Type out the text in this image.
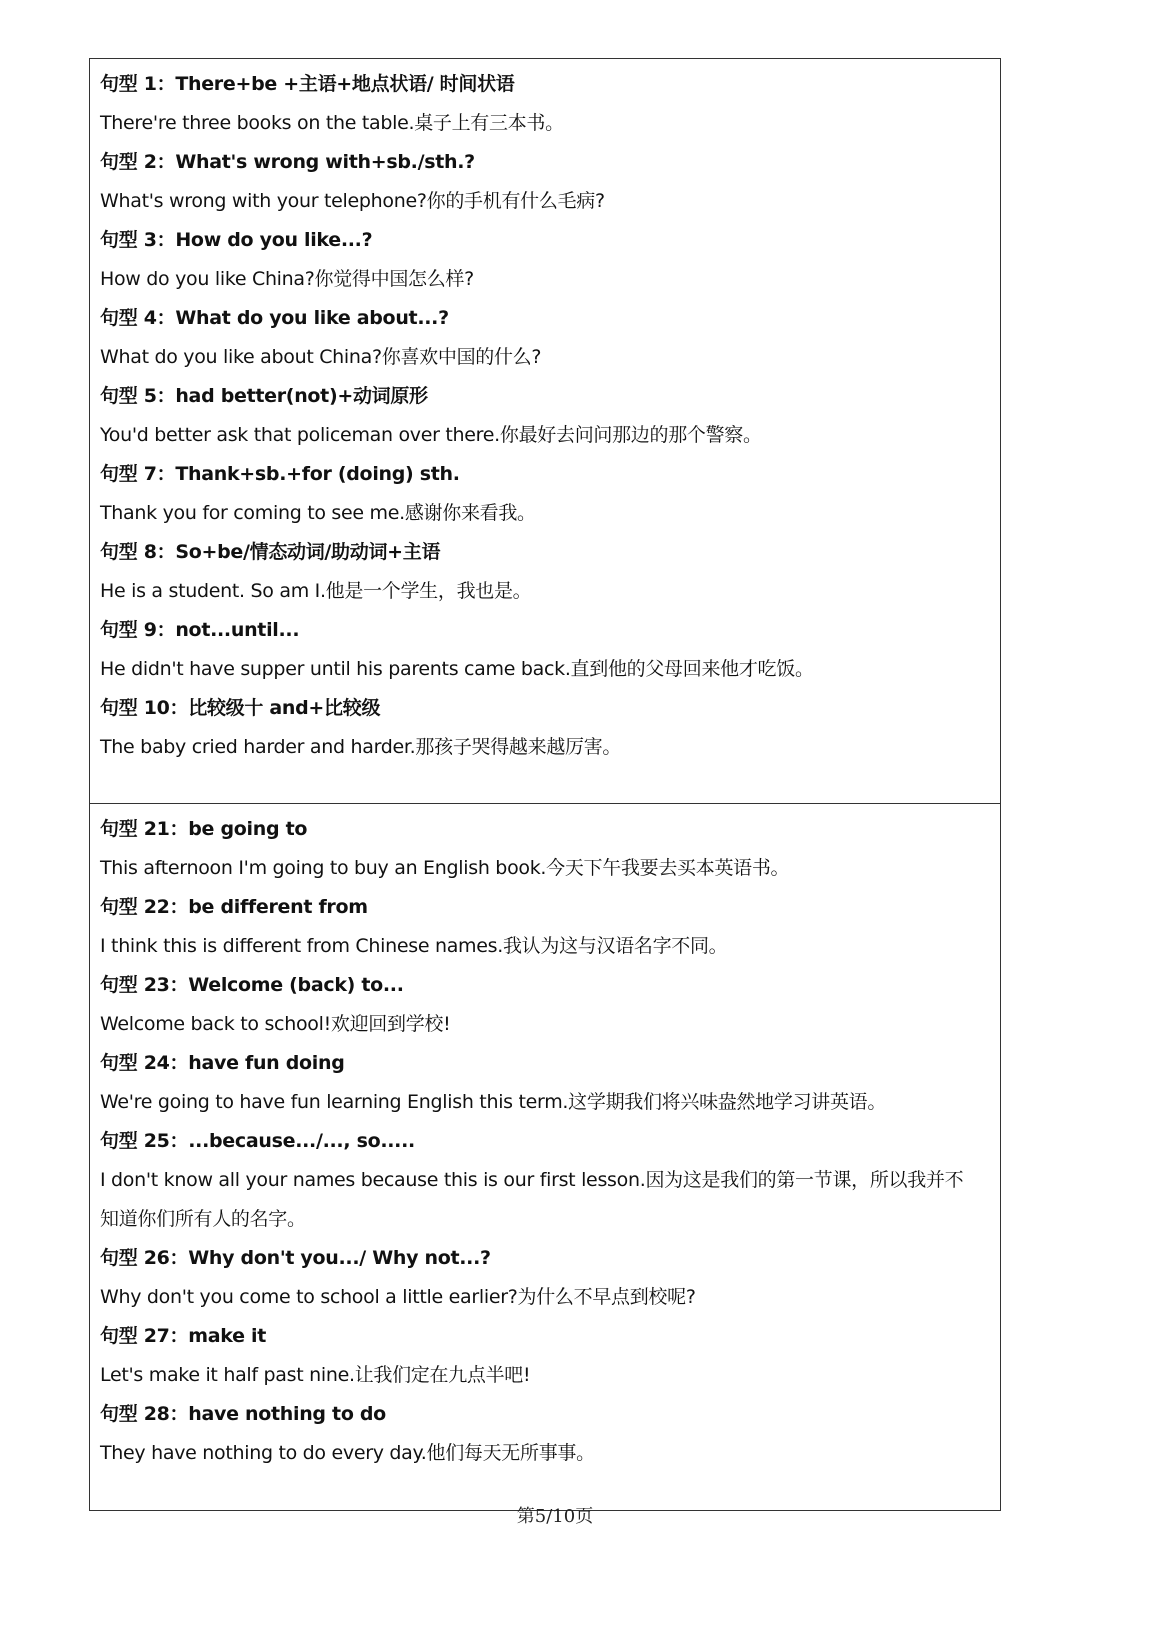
句型 1：There+be +主语+地点状语/ 时间状语
There're three books on the table.桌子上有三本书。
句型 2：What's wrong with+sb./sth.?
What's wrong with your telephone?你的手机有什么毛病?
句型 3：How do you like...?
How do you like China?你觉得中国怎么样?
句型 4：What do you like about...?
What do you like about China?你喜欢中国的什么?
句型 5：had better(not)+动词原形
You'd better ask that policeman over there.你最好去问问那边的那个警察。
句型 7：Thank+sb.+for (doing) sth.
Thank you for coming to see me.感谢你来看我。
句型 8：So+be/情态动词/助动词+主语
He is a student. So am I.他是一个学生，我也是。
句型 9：not...until...
He didn't have supper until his parents came back.直到他的父母回来他才吃饭。
句型 10：比较级十 and+比较级
The baby cried harder and harder.那孩子哭得越来越厉害。
句型 21：be going to
This afternoon I'm going to buy an English book.今天下午我要去买本英语书。
句型 22：be different from
I think this is different from Chinese names.我认为这与汉语名字不同。
句型 23：Welcome (back) to...
Welcome back to school!欢迎回到学校!
句型 24：have fun doing
We're going to have fun learning English this term.这学期我们将兴味盎然地学习讲英语。
句型 25：...because.../..., so.....
I don't know all your names because this is our first lesson.因为这是我们的第一节课，所以我并不
知道你们所有人的名字。
句型 26：Why don't you.../ Why not...?
Why don't you come to school a little earlier?为什么不早点到校呢?
句型 27：make it
Let's make it half past nine.让我们定在九点半吧!
句型 28：have nothing to do
They have nothing to do every day.他们每天无所事事。
第5/10页
